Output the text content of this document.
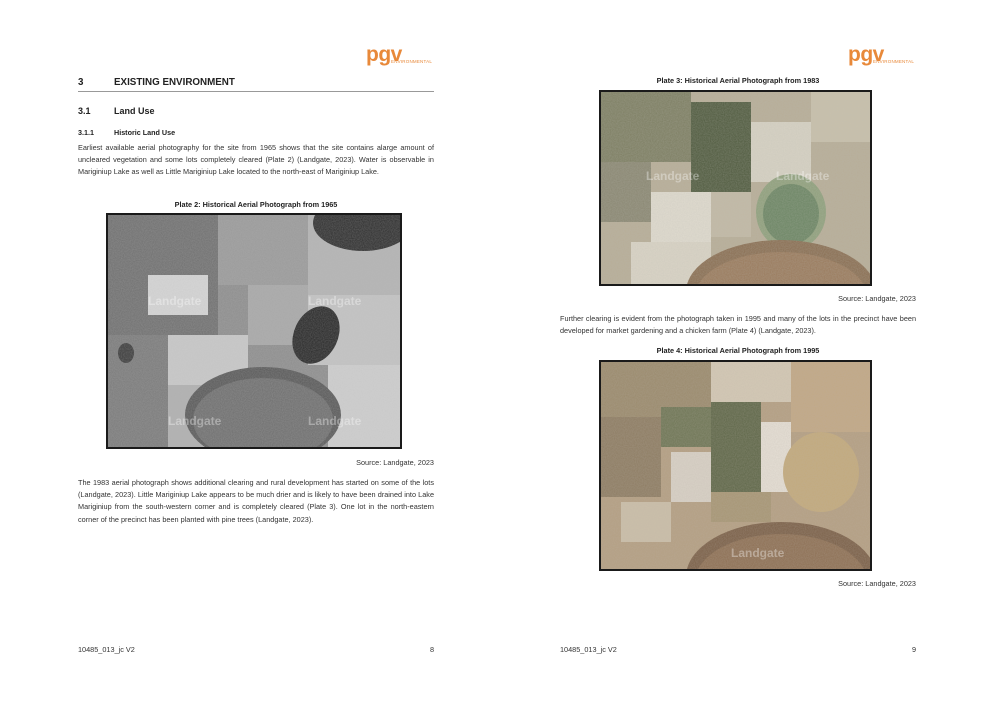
pgv
ENVIRONMENTAL
3	EXISTING ENVIRONMENT
3.1	Land Use
3.1.1	Historic Land Use
Earliest available aerial photography for the site from 1965 shows that the site contains alarge amount of uncleared vegetation and some lots completely cleared (Plate 2) (Landgate, 2023). Water is observable in Mariginiup Lake as well as Little Mariginiup Lake located to the north-east of Mariginiup Lake.
Plate 2: Historical Aerial Photograph from 1965
Landgate	Landgate
Landgate	Landgate
Source: Landgate, 2023
The 1983 aerial photograph shows additional clearing and rural development has started on some of the lots (Landgate, 2023). Little Mariginiup Lake appears to be much drier and is likely to have been drained into Lake Mariginiup from the south-western corner and is completely cleared (Plate 3). One lot in the north-eastern corner of the precinct has been planted with pine trees (Landgate, 2023).
10485_013_jc V2	8
pgv
ENVIRONMENTAL
Plate 3: Historical Aerial Photograph from 1983
Landgate	Landgate
Source: Landgate, 2023
Further clearing is evident from the photograph taken in 1995 and many of the lots in the precinct have been developed for market gardening and a chicken farm (Plate 4) (Landgate, 2023).
Plate 4: Historical Aerial Photograph from 1995
Landgate
Source: Landgate, 2023
10485_013_jc V2	9
